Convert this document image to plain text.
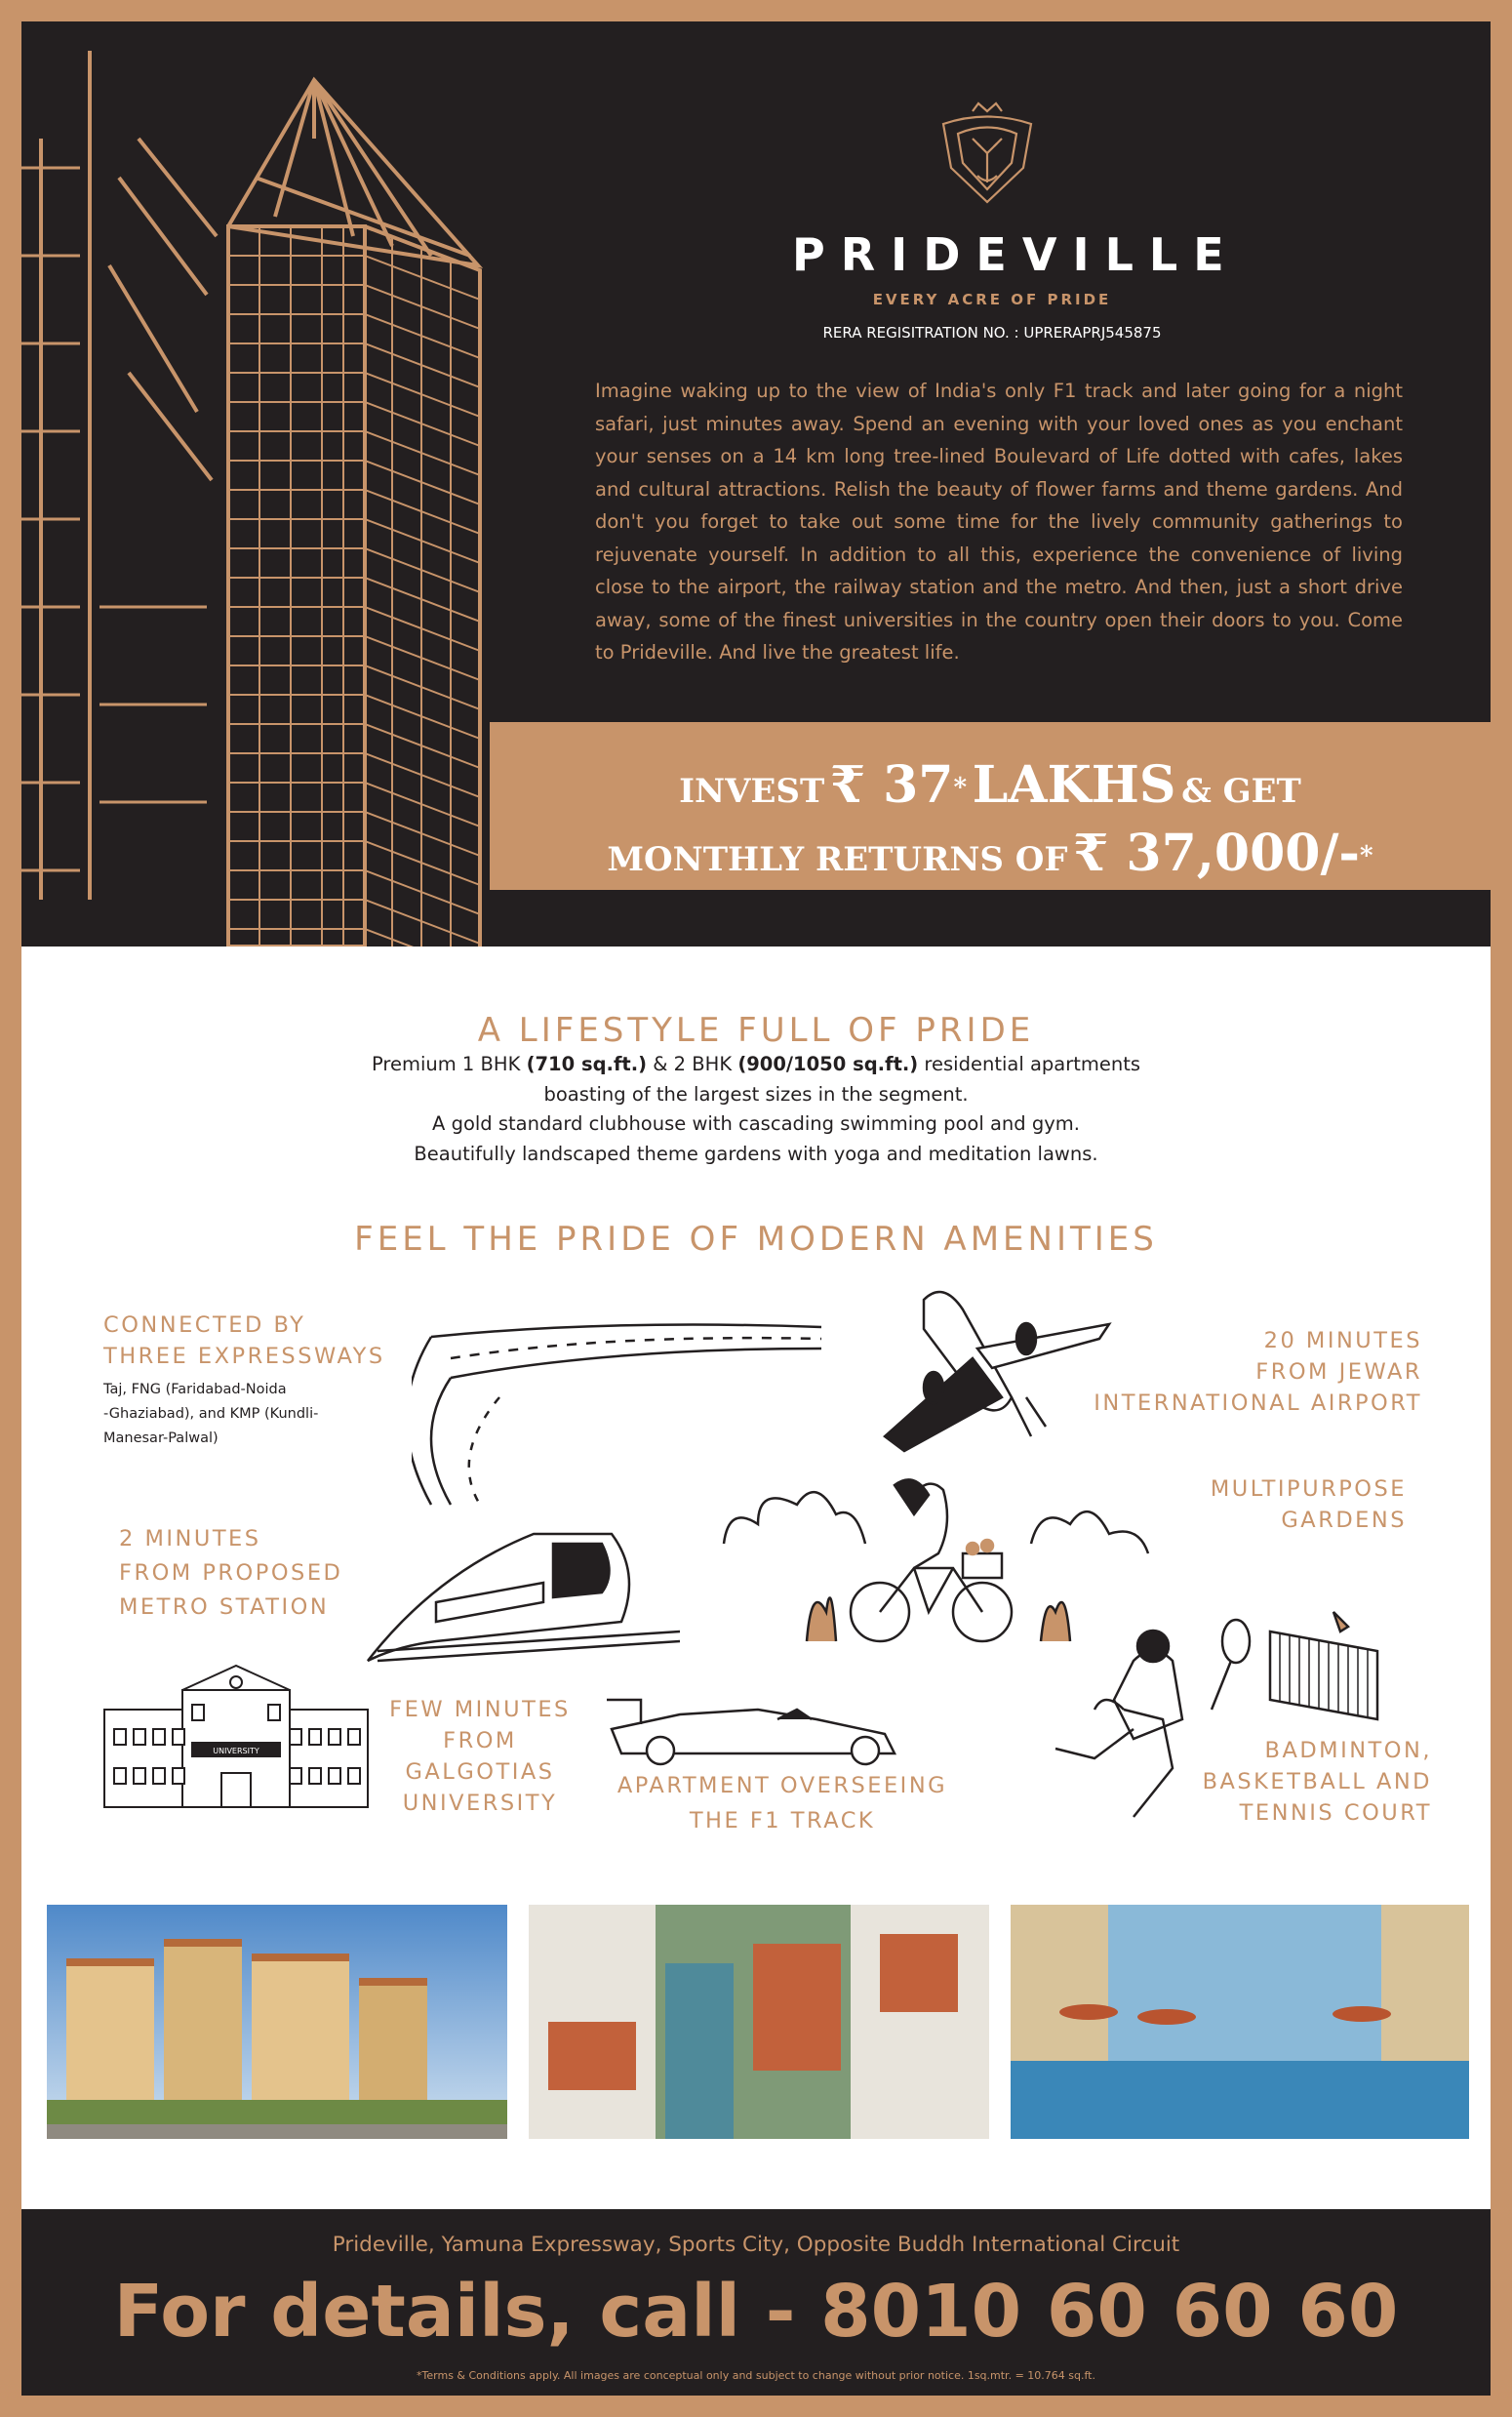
PRIDEVILLE
EVERY ACRE OF PRIDE
RERA REGISITRATION NO. : UPRERAPRJ545875

Imagine waking up to the view of India's only F1 track and later going for a night safari, just minutes away. Spend an evening with your loved ones as you enchant your senses on a 14 km long tree-lined Boulevard of Life dotted with cafes, lakes and cultural attractions. Relish the beauty of flower farms and theme gardens. And don't you forget to take out some time for the lively community gatherings to rejuvenate yourself. In addition to all this, experience the convenience of living close to the airport, the railway station and the metro. And then, just a short drive away, some of the finest universities in the country open their doors to you. Come to Prideville. And live the greatest life.

INVEST ₹ 37* LAKHS & GET
MONTHLY RETURNS OF ₹ 37,000/-*
A LIFESTYLE FULL OF PRIDE
Premium 1 BHK (710 sq.ft.) & 2 BHK (900/1050 sq.ft.) residential apartments
boasting of the largest sizes in the segment.
A gold standard clubhouse with cascading swimming pool and gym.
Beautifully landscaped theme gardens with yoga and meditation lawns.
FEEL THE PRIDE OF MODERN AMENITIES
CONNECTED BY
THREE EXPRESSWAYS
Taj, FNG (Faridabad-Noida
-Ghaziabad), and KMP (Kundli-
Manesar-Palwal)
20 MINUTES
FROM JEWAR
INTERNATIONAL AIRPORT
MULTIPURPOSE
GARDENS
2 MINUTES
FROM PROPOSED
METRO STATION
FEW MINUTES
FROM
GALGOTIAS
UNIVERSITY
APARTMENT OVERSEEING
THE F1 TRACK
BADMINTON,
BASKETBALL AND
TENNIS COURT
UNIVERSITY
Prideville, Yamuna Expressway, Sports City, Opposite Buddh International Circuit
For details, call - 8010 60 60 60
*Terms & Conditions apply. All images are conceptual only and subject to change without prior notice. 1sq.mtr. = 10.764 sq.ft.
